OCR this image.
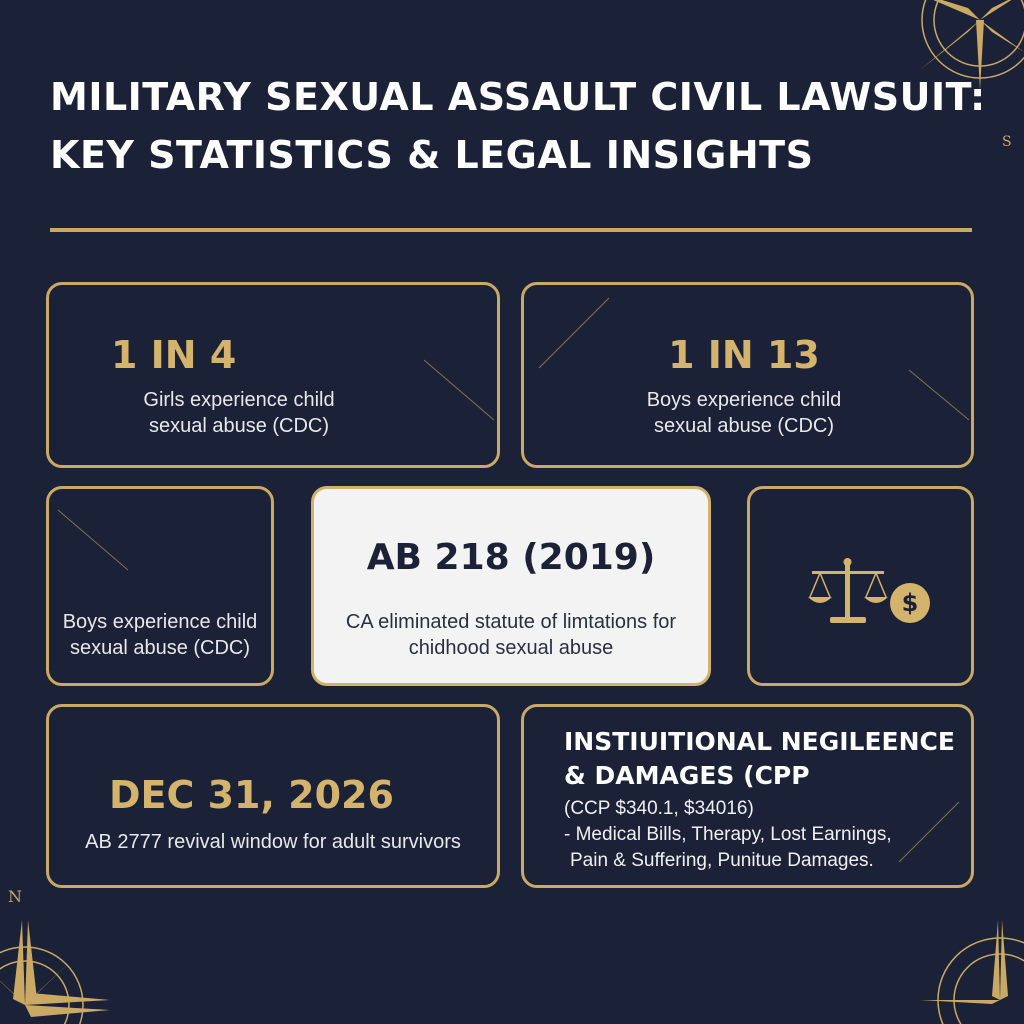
S
N
MILITARY SEXUAL ASSAULT CIVIL LAWSUIT:
KEY STATISTICS & LEGAL INSIGHTS
1 IN 4
Girls experience child
sexual abuse (CDC)
1 IN 13
Boys experience child
sexual abuse (CDC)
Boys experience child
sexual abuse (CDC)
AB 218 (2019)
CA eliminated statute of limtations for
chidhood sexual abuse
$
DEC 31, 2026
AB 2777 revival window for adult survivors
INSTIUITIONAL NEGILEENCE
& DAMAGES (CPP
(CCP $340.1, $34016)
- Medical Bills, Therapy, Lost Earnings,
Pain & Suffering, Punitue Damages.
